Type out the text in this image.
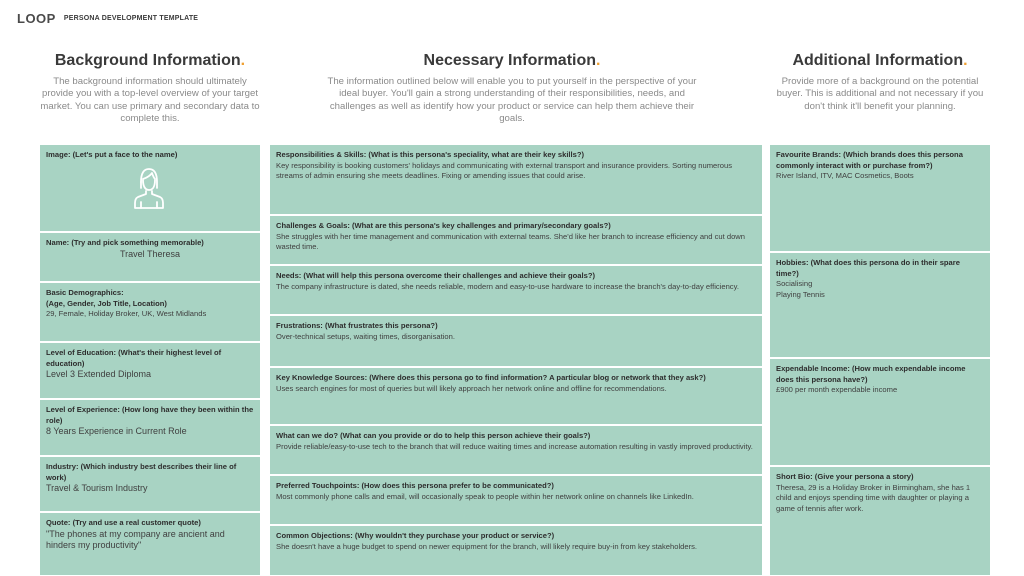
LOOP PERSONA DEVELOPMENT TEMPLATE
Background Information.

The background information should ultimately provide you with a top-level overview of your target market. You can use primary and secondary data to complete this.

Necessary Information.

The information outlined below will enable you to put yourself in the perspective of your ideal buyer. You'll gain a strong understanding of their responsibilities, needs, and challenges as well as identify how your product or service can help them achieve their goals.

Additional Information.

Provide more of a background on the potential buyer. This is additional and not necessary if you don't think it'll benefit your planning.

Image: (Let's put a face to the name)
Name: (Try and pick something memorable)
Travel Theresa
Basic Demographics:
(Age, Gender, Job Title, Location)
29, Female, Holiday Broker, UK, West Midlands
Level of Education: (What's their highest level of education)
Level 3 Extended Diploma
Level of Experience: (How long have they been within the role)
8 Years Experience in Current Role
Industry: (Which industry best describes their line of work)
Travel & Tourism Industry
Quote: (Try and use a real customer quote)
"The phones at my company are ancient and hinders my productivity"
Responsibilities & Skills: (What is this persona's speciality, what are their key skills?)
Key responsibility is booking customers' holidays and communicating with external transport and insurance providers. Sorting numerous streams of admin ensuring she meets deadlines. Fixing or amending issues that could arise.
Challenges & Goals: (What are this persona's key challenges and primary/secondary goals?)
She struggles with her time management and communication with external teams. She'd like her branch to increase efficiency and cut down wasted time.
Needs: (What will help this persona overcome their challenges and achieve their goals?)
The company infrastructure is dated, she needs reliable, modern and easy-to-use hardware to increase the branch's day-to-day efficiency.
Frustrations: (What frustrates this persona?)
Over-technical setups, waiting times, disorganisation.
Key Knowledge Sources: (Where does this persona go to find information? A particular blog or network that they ask?)
Uses search engines for most of queries but will likely approach her network online and offline for recommendations.
What can we do? (What can you provide or do to help this person achieve their goals?)
Provide reliable/easy-to-use tech to the branch that will reduce waiting times and increase automation resulting in vastly improved productivity.
Preferred Touchpoints: (How does this persona prefer to be communicated?)
Most commonly phone calls and email, will occasionally speak to people within her network online on channels like LinkedIn.
Common Objections: (Why wouldn't they purchase your product or service?)
She doesn't have a huge budget to spend on newer equipment for the branch, will likely require buy-in from key stakeholders.
Favourite Brands: (Which brands does this persona commonly interact with or purchase from?)
River Island, ITV, MAC Cosmetics, Boots
Hobbies: (What does this persona do in their spare time?)
Socialising
Playing Tennis
Expendable Income: (How much expendable income does this persona have?)
£900 per month expendable income
Short Bio: (Give your persona a story)
Theresa, 29 is a Holiday Broker in Birmingham, she has 1 child and enjoys spending time with daughter or playing a game of tennis after work.
